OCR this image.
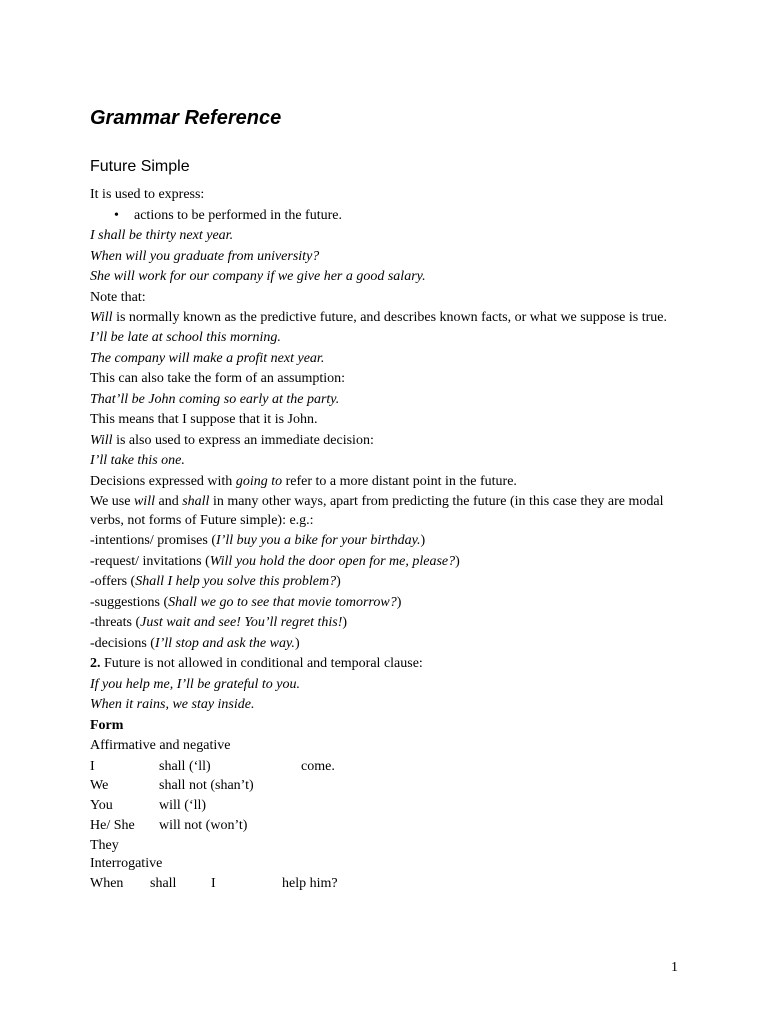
Grammar Reference
Future Simple
It is used to express:
• actions to be performed in the future.
I shall be thirty next year.
When will you graduate from university?
She will work for our company if we give her a good salary.
Note that:
Will is normally known as the predictive future, and describes known facts, or what we suppose is true.
I’ll be late at school this morning.
The company will make a profit next year.
This can also take the form of an assumption:
That’ll be John coming so early at the party.
This means that I suppose that it is John.
Will is also used to express an immediate decision:
I’ll take this one.
Decisions expressed with going to refer to a more distant point in the future.
We use will and shall in many other ways, apart from predicting the future (in this case they are modal verbs, not forms of Future simple): e.g.:
-intentions/ promises (I’ll buy you a bike for your birthday.)
-request/ invitations (Will you hold the door open for me, please?)
-offers (Shall I help you solve this problem?)
-suggestions (Shall we go to see that movie tomorrow?)
-threats (Just wait and see! You’ll regret this!)
-decisions (I’ll stop and ask the way.)
2. Future is not allowed in conditional and temporal clause:
If you help me, I’ll be grateful to you.
When it rains, we stay inside.
Form
Affirmative and negative
I	shall (‘ll)	come.
We	shall not (shan’t)
You	will (‘ll)
He/ She	will not (won’t)
They
Interrogative
When	shall	I	help him?
1
